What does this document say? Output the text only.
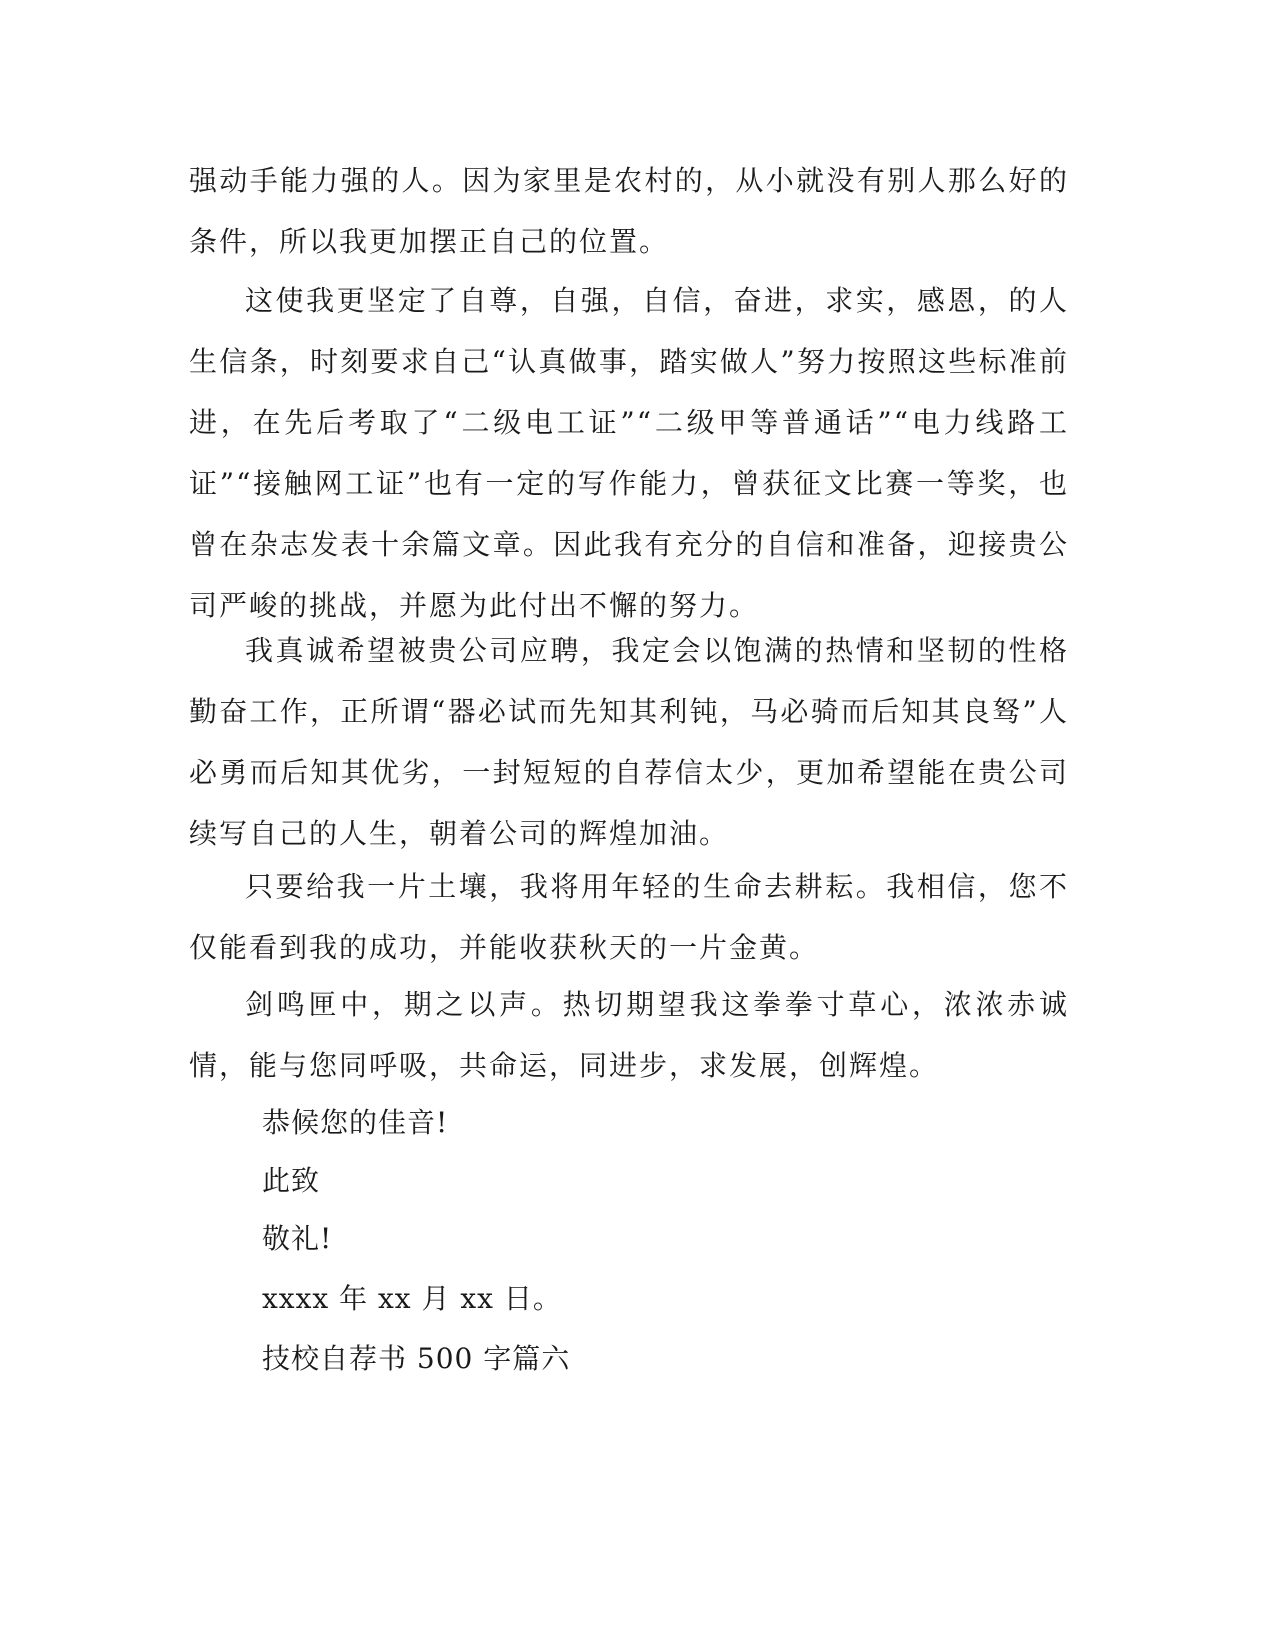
强动手能力强的人。因为家里是农村的，从小就没有别人那么好的条件，所以我更加摆正自己的位置。

这使我更坚定了自尊，自强，自信，奋进，求实，感恩，的人生信条，时刻要求自己“认真做事，踏实做人”努力按照这些标准前进，在先后考取了“二级电工证”“二级甲等普通话”“电力线路工证”“接触网工证”也有一定的写作能力，曾获征文比赛一等奖，也曾在杂志发表十余篇文章。因此我有充分的自信和准备，迎接贵公司严峻的挑战，并愿为此付出不懈的努力。

我真诚希望被贵公司应聘，我定会以饱满的热情和坚韧的性格勤奋工作，正所谓“器必试而先知其利钝，马必骑而后知其良驽”人必勇而后知其优劣，一封短短的自荐信太少，更加希望能在贵公司续写自己的人生，朝着公司的辉煌加油。

只要给我一片土壤，我将用年轻的生命去耕耘。我相信，您不仅能看到我的成功，并能收获秋天的一片金黄。

剑鸣匣中，期之以声。热切期望我这拳拳寸草心，浓浓赤诚情，能与您同呼吸，共命运，同进步，求发展，创辉煌。

恭候您的佳音!
此致
敬礼!
xxxx 年 xx 月 xx 日。
技校自荐书 500 字篇六
